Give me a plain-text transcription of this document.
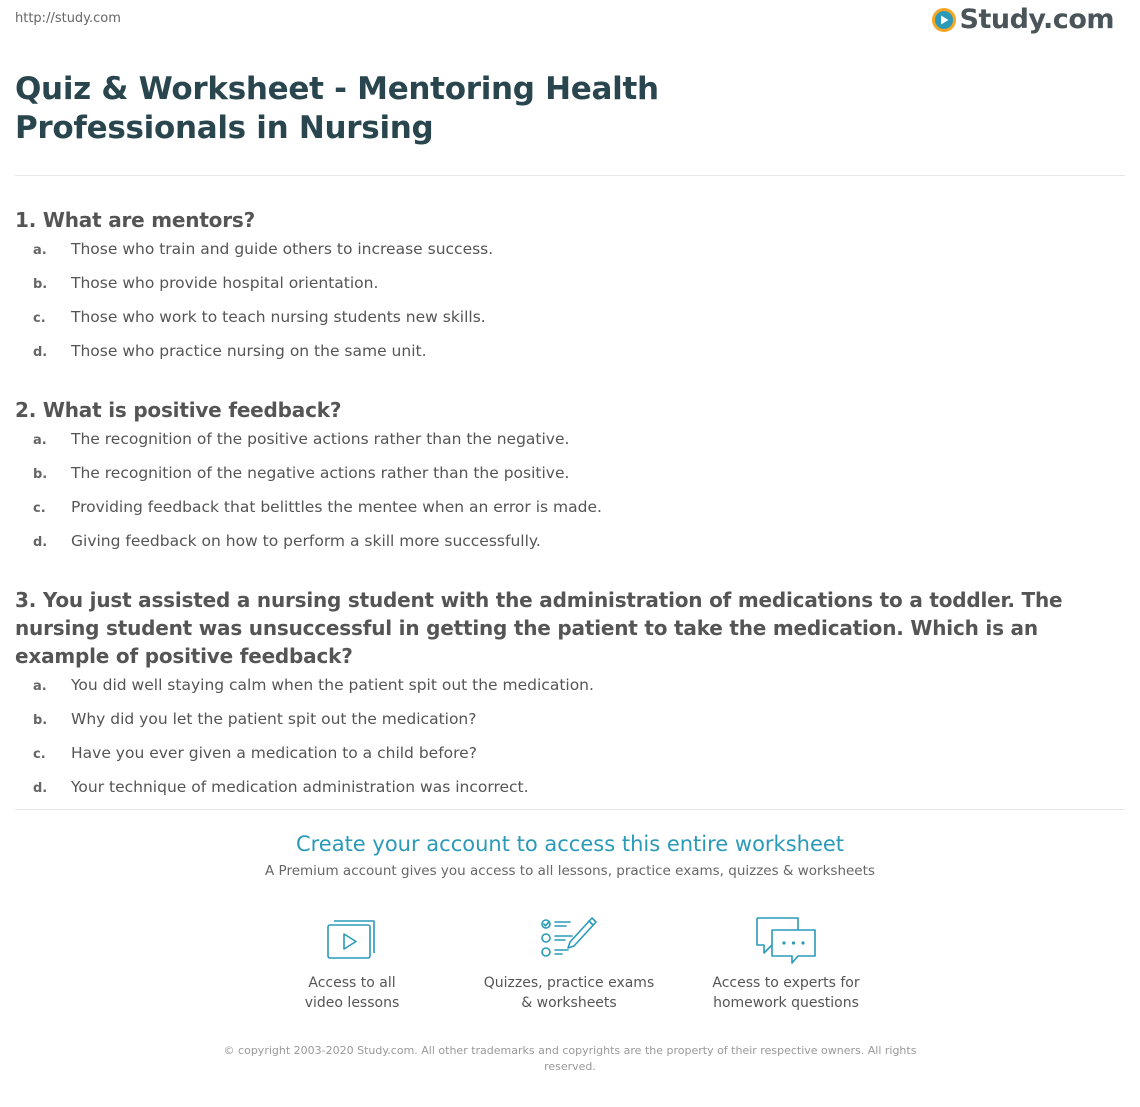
http://study.com	Study.com
Quiz & Worksheet - Mentoring Health Professionals in Nursing
1. What are mentors?
a.	Those who train and guide others to increase success.
b.	Those who provide hospital orientation.
c.	Those who work to teach nursing students new skills.
d.	Those who practice nursing on the same unit.
2. What is positive feedback?
a.	The recognition of the positive actions rather than the negative.
b.	The recognition of the negative actions rather than the positive.
c.	Providing feedback that belittles the mentee when an error is made.
d.	Giving feedback on how to perform a skill more successfully.
3. You just assisted a nursing student with the administration of medications to a toddler. The nursing student was unsuccessful in getting the patient to take the medication. Which is an example of positive feedback?
a.	You did well staying calm when the patient spit out the medication.
b.	Why did you let the patient spit out the medication?
c.	Have you ever given a medication to a child before?
d.	Your technique of medication administration was incorrect.
Create your account to access this entire worksheet
A Premium account gives you access to all lessons, practice exams, quizzes & worksheets
Access to all
video lessons
Quizzes, practice exams
& worksheets
Access to experts for
homework questions
© copyright 2003-2020 Study.com. All other trademarks and copyrights are the property of their respective owners. All rights reserved.
